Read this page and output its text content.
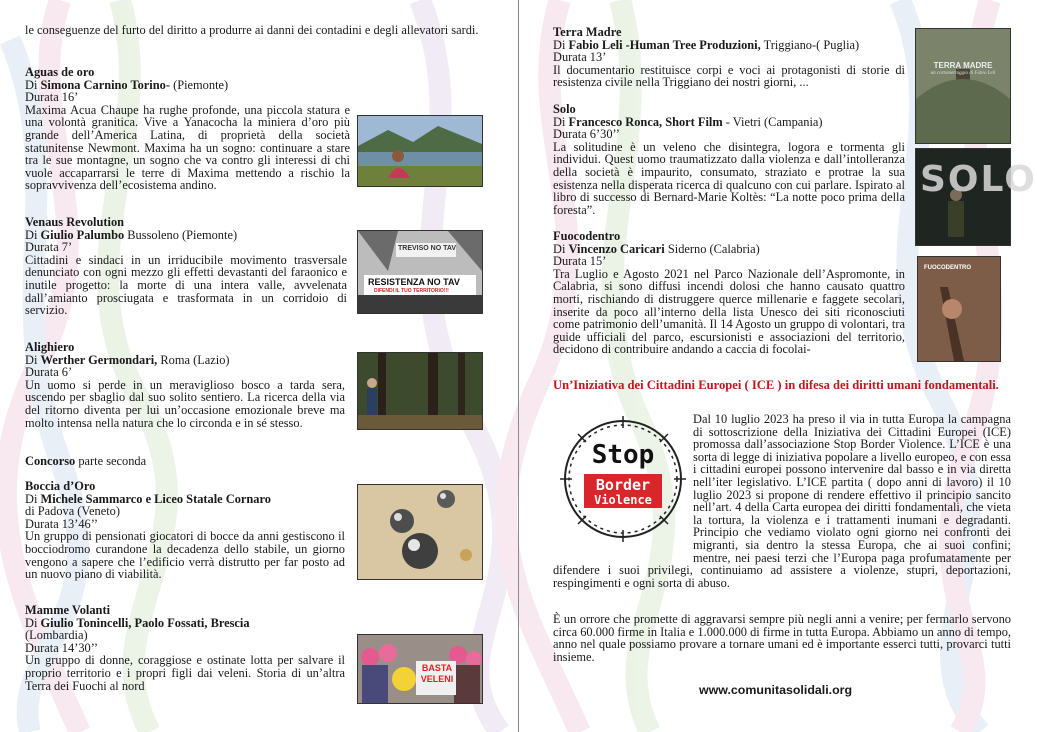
le conseguenze del furto del diritto a produrre ai danni dei contadini e degli allevatori sardi.

Aguas de oro
Di Simona Carnino Torino- (Piemonte)
Durata 16’

Maxima Acua Chaupe ha rughe profonde, una piccola statura e una volontà granitica. Vive a Yanacocha la miniera d’oro più grande dell’America Latina, di proprietà della società statunitense Newmont. Maxima ha un sogno: continuare a stare tra le sue montagne, un sogno che va contro gli interessi di chi vuole accaparrarsi le terre di Maxima mettendo a rischio la sopravvivenza dell’ecosistema andino.

Venaus Revolution
Di Giulio Palumbo Bussoleno (Piemonte)
Durata 7’

Cittadini e sindaci in un irriducibile movimento trasversale denunciato con ogni mezzo gli effetti devastanti del faraonico e inutile progetto: la morte di una intera valle, avvelenata dall’amianto prosciugata e trasformata in un corridoio di servizio.

TREVISO NO TAV
RESISTENZA NO TAV
DIFENDI IL TUO TERRITORIO!!!
Alighiero
Di Werther Germondari, Roma (Lazio)
Durata 6’

Un uomo si perde in un meraviglioso bosco a tarda sera, uscendo per sbaglio dal suo solito sentiero. La ricerca della via del ritorno diventa per lui un’occasione emozionale breve ma molto intensa nella natura che lo circonda e in sé stesso.

Concorso parte seconda
Boccia d’Oro
Di Michele Sammarco e Liceo Statale Cornaro
di Padova (Veneto)
Durata 13’46’’

Un gruppo di pensionati giocatori di bocce da anni gestiscono il bocciodromo curandone la decadenza dello stabile, un giorno vengono a sapere che l’edificio verrà distrutto per far posto ad un nuovo piano di viabilità.

Mamme Volanti
Di Giulio Tonincelli, Paolo Fossati, Brescia
(Lombardia)
Durata 14’30’’

Un gruppo di donne, coraggiose e ostinate lotta per salvare il proprio territorio e i propri figli dai veleni. Storia di un’altra Terra dei Fuochi al nord

BASTA VELENI
Terra Madre
Di Fabio Leli -Human Tree Produzioni, Triggiano-( Puglia)
Durata 13’

Il documentario restituisce corpi e voci ai protagonisti di storie di resistenza civile nella Triggiano dei nostri giorni, ...

TERRA MADRE
un cortometraggio di Fabio Leli
Solo
Di Francesco Ronca, Short Film - Vietri (Campania)
Durata 6’30’’

La solitudine è un veleno che disintegra, logora e tormenta gli individui. Quest uomo traumatizzato dalla violenza e dall’intolleranza della società è impaurito, consumato, straziato e protrae la sua esistenza nella disperata ricerca di qualcuno con cui parlare. Ispirato al libro di successo di Bernard-Marie Koltès: “La notte poco prima della foresta”.

SOLO
Fuocodentro
Di Vincenzo Caricari Siderno (Calabria)
Durata 15’

Tra Luglio e Agosto 2021 nel Parco Nazionale dell’Aspromonte, in Calabria, si sono diffusi incendi dolosi che hanno causato quattro morti, rischiando di distruggere querce millenarie e faggete secolari, inserite da poco all’interno della lista Unesco dei siti riconosciuti come patrimonio dell’umanità. Il 14 Agosto un gruppo di volontari, tra guide ufficiali del parco, escursionisti e associazioni del territorio, decidono di contribuire andando a caccia di focolai-

FUOCODENTRO
Un’Iniziativa dei Cittadini Europei ( ICE ) in difesa dei diritti umani fondamentali.
Stop
Border
Violence

Dal 10 luglio 2023 ha preso il via in tutta Europa la campagna di sottoscrizione della Iniziativa dei Cittadini Europei (ICE) promossa dall’associazione Stop Border Violence. L’ICE è una sorta di legge di iniziativa popolare a livello europeo, e con essa i cittadini europei possono intervenire dal basso e in via diretta nell’iter legislativo. L’ICE partita ( dopo anni di lavoro) il 10 luglio 2023 si propone di rendere effettivo il principio sancito nell’art. 4 della Carta europea dei diritti fondamentali, che vieta la tortura, la violenza e i trattamenti inumani e degradanti. Principio che vediamo violato ogni giorno nei confronti dei migranti, sia dentro la stessa Europa, che ai suoi confini; mentre, nei paesi terzi che l’Europa paga profumatamente per difendere i suoi privilegi, continuiamo ad assistere a violenze, stupri, deportazioni, respingimenti e ogni sorta di abuso.

È un orrore che promette di aggravarsi sempre più negli anni a venire; per fermarlo servono circa 60.000 firme in Italia e 1.000.000 di firme in tutta Europa. Abbiamo un anno di tempo, anno nel quale possiamo provare a tornare umani ed è importante esserci tutti, provarci tutti insieme.

www.comunitasolidali.org
